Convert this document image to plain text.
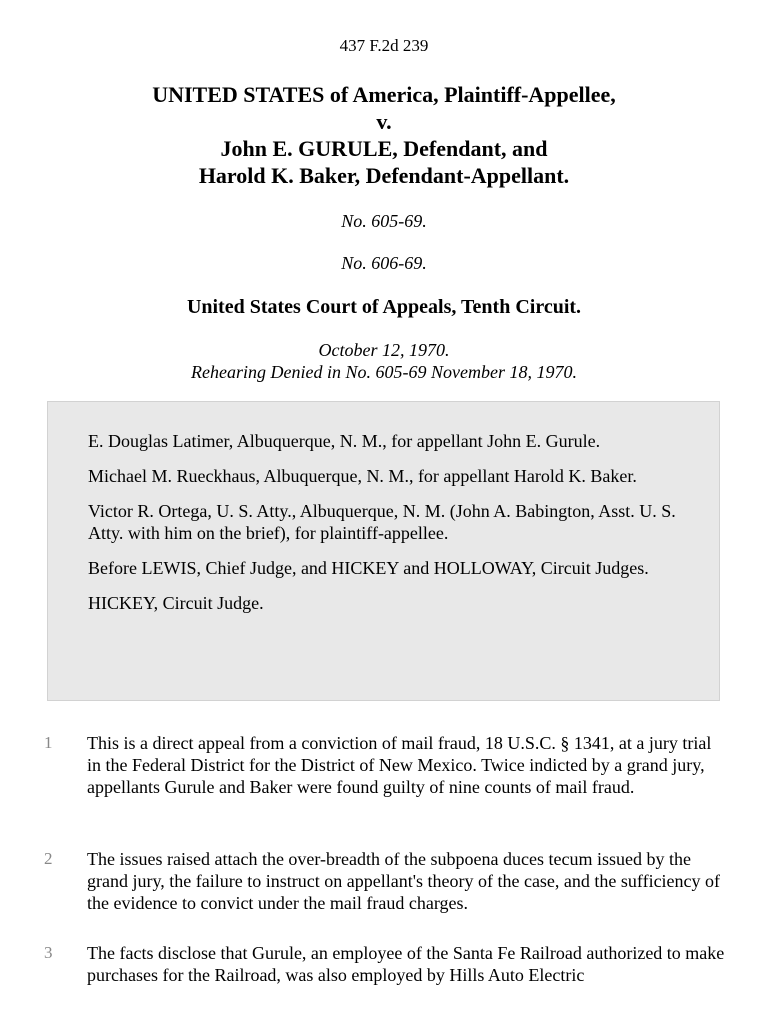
437 F.2d 239
UNITED STATES of America, Plaintiff-Appellee,
v.
John E. GURULE, Defendant, and
Harold K. Baker, Defendant-Appellant.
No. 605-69.
No. 606-69.
United States Court of Appeals, Tenth Circuit.
October 12, 1970.
Rehearing Denied in No. 605-69 November 18, 1970.

E. Douglas Latimer, Albuquerque, N. M., for appellant John E. Gurule.

Michael M. Rueckhaus, Albuquerque, N. M., for appellant Harold K. Baker.

Victor R. Ortega, U. S. Atty., Albuquerque, N. M. (John A. Babington, Asst. U. S. Atty. with him on the brief), for plaintiff-appellee.

Before LEWIS, Chief Judge, and HICKEY and HOLLOWAY, Circuit Judges.

HICKEY, Circuit Judge.

1	This is a direct appeal from a conviction of mail fraud, 18 U.S.C. § 1341, at a jury trial in the Federal District for the District of New Mexico. Twice indicted by a grand jury, appellants Gurule and Baker were found guilty of nine counts of mail fraud.
2	The issues raised attach the over-breadth of the subpoena duces tecum issued by the grand jury, the failure to instruct on appellant's theory of the case, and the sufficiency of the evidence to convict under the mail fraud charges.
3	The facts disclose that Gurule, an employee of the Santa Fe Railroad authorized to make purchases for the Railroad, was also employed by Hills Auto Electric
